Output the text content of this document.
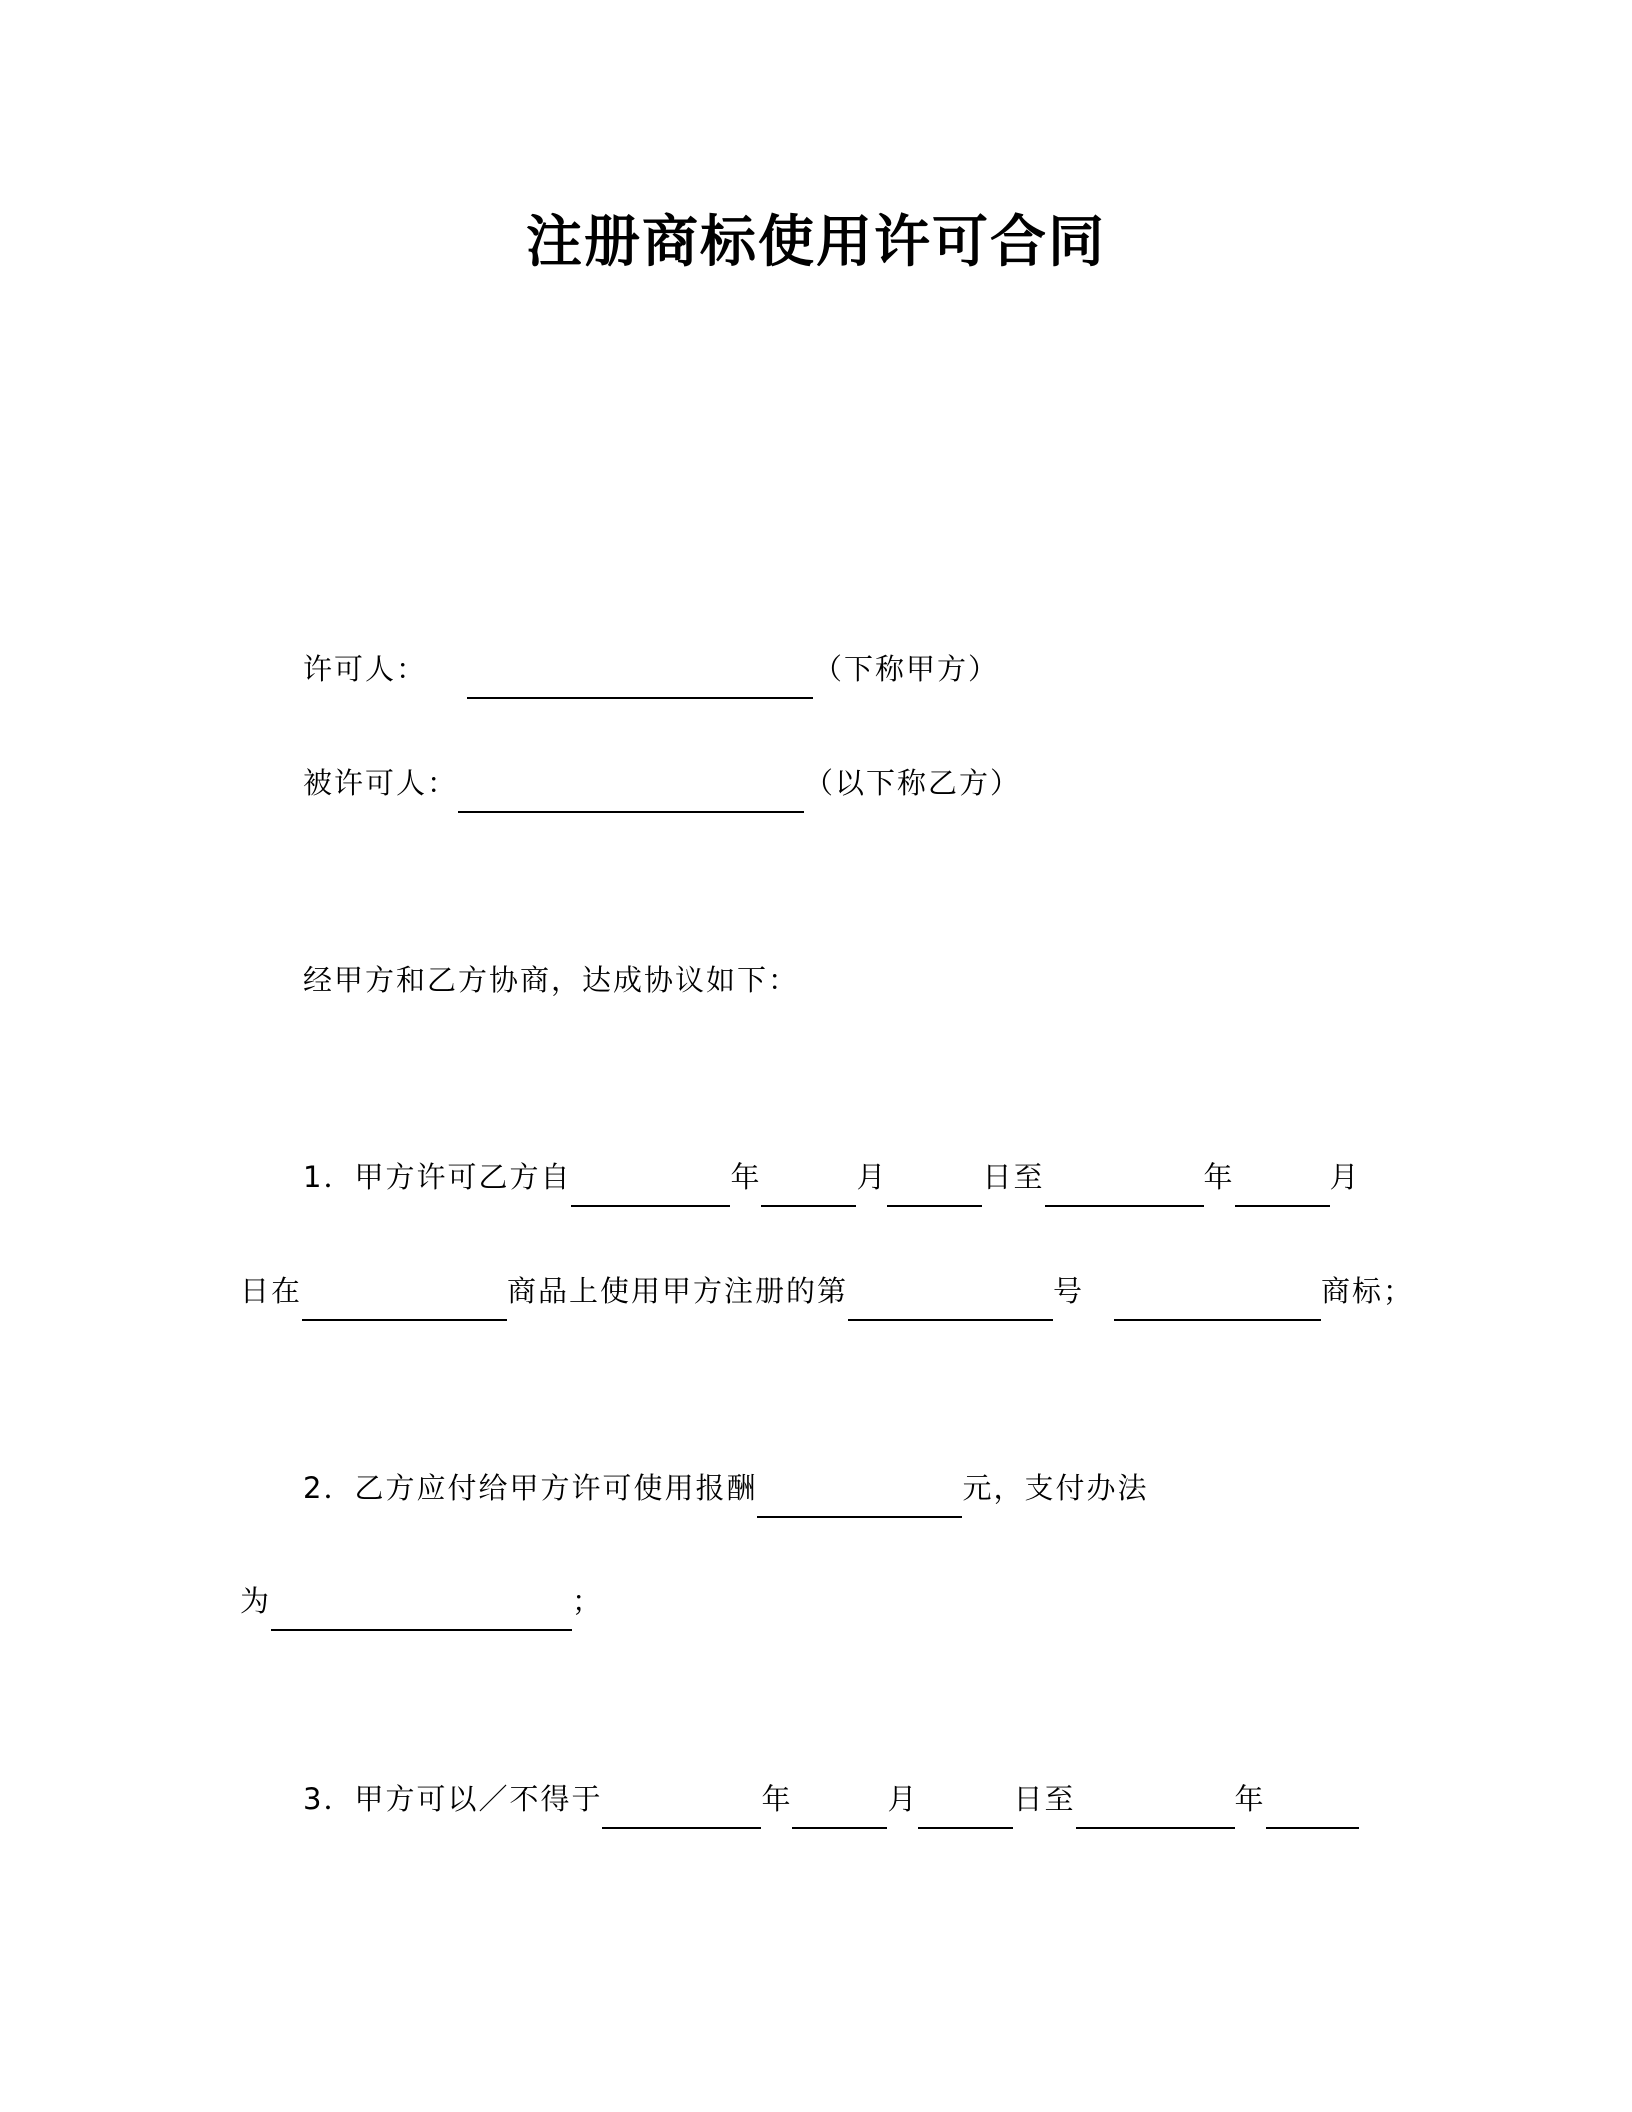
注册商标使用许可合同
许可人：	（下称甲方）
被许可人：	（以下称乙方）
经甲方和乙方协商，达成协议如下：
1．甲方许可乙方自	年	月	日至	年	月
日在	商品上使用甲方注册的第	号	商标；
2．乙方应付给甲方许可使用报酬	元，支付办法
为	；
3．甲方可以／不得于	年	月	日至	年
